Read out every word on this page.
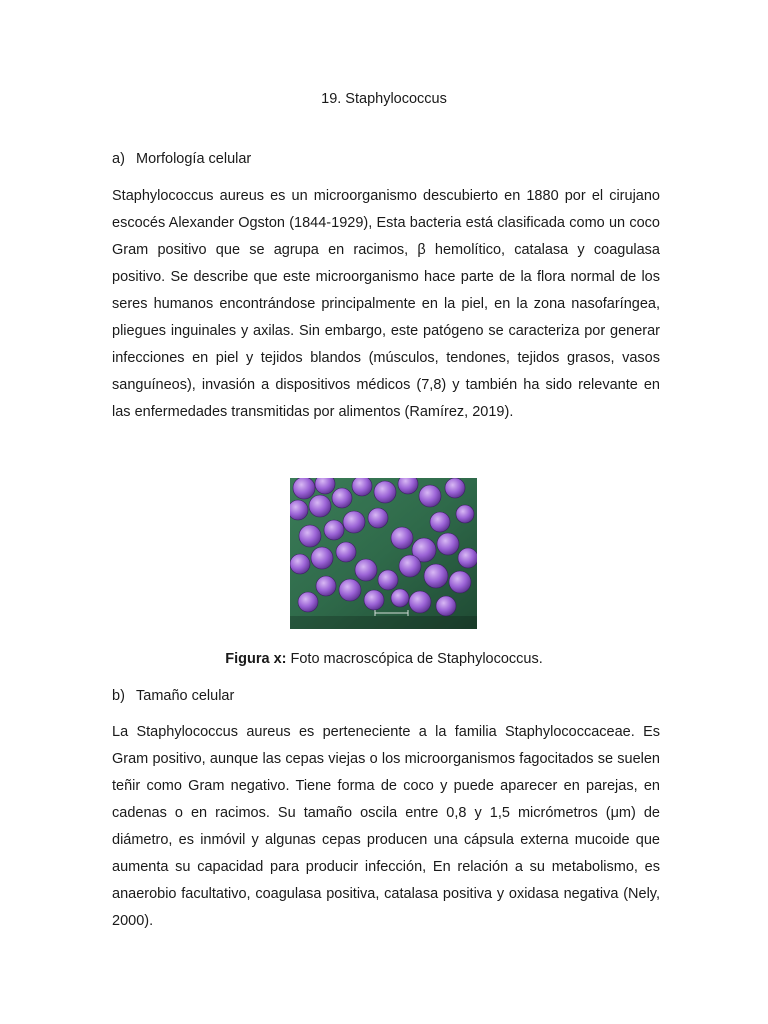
19. Staphylococcus
a) Morfología celular

Staphylococcus aureus es un microorganismo descubierto en 1880 por el cirujano escocés Alexander Ogston (1844-1929), Esta bacteria está clasificada como un coco Gram positivo que se agrupa en racimos, β hemolítico, catalasa y coagulasa positivo. Se describe que este microorganismo hace parte de la flora normal de los seres humanos encontrándose principalmente en la piel, en la zona nasofaríngea, pliegues inguinales y axilas. Sin embargo, este patógeno se caracteriza por generar infecciones en piel y tejidos blandos (músculos, tendones, tejidos grasos, vasos sanguíneos), invasión a dispositivos médicos (7,8) y también ha sido relevante en las enfermedades transmitidas por alimentos (Ramírez, 2019).

Figura x: Foto macroscópica de Staphylococcus.
b) Tamaño celular

La Staphylococcus aureus es perteneciente a la familia Staphylococcaceae. Es Gram positivo, aunque las cepas viejas o los microorganismos fagocitados se suelen teñir como Gram negativo. Tiene forma de coco y puede aparecer en parejas, en cadenas o en racimos. Su tamaño oscila entre 0,8 y 1,5 micrómetros (μm) de diámetro, es inmóvil y algunas cepas producen una cápsula externa mucoide que aumenta su capacidad para producir infección, En relación a su metabolismo, es anaerobio facultativo, coagulasa positiva, catalasa positiva y oxidasa negativa (Nely, 2000).
